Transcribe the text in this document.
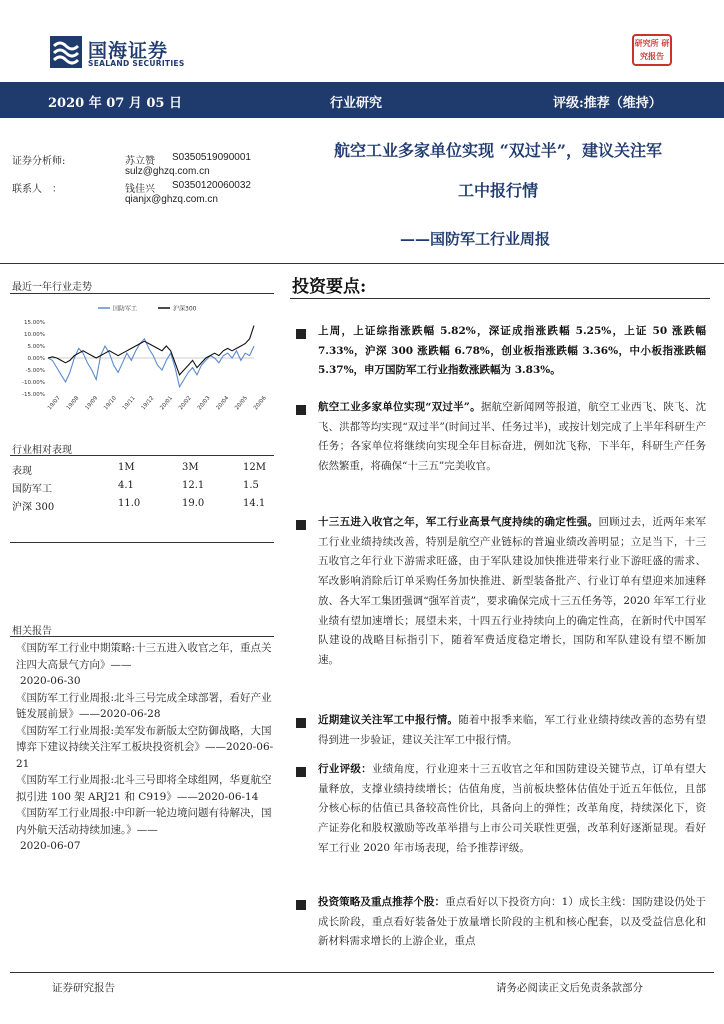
国海证券
SEALAND SECURITIES
研究所 研究报告
2020 年 07 月 05 日	行业研究	评级:推荐（维持）
证券分析师:	苏立赞 S0350519090001
sulz@ghzq.com.cn
联系人　：	钱佳兴 S0350120060032
qianjx@ghzq.com.cn
航空工业多家单位实现 “双过半”，建议关注军
工中报行情
——国防军工行业周报
最近一年行业走势
国防军工	沪深300
15.00%
10.00%
5.00%
0.00%
-5.00%
-10.00%
-15.00%
19/07 19/08 19/09 19/10 19/11 19/12 20/01 20/02 20/03 20/04 20/05 20/06
行业相对表现
表现	1M	3M	12M
国防军工	4.1	12.1	1.5
沪深 300	11.0	19.0	14.1
相关报告
《国防军工行业中期策略:十三五进入收官之年，重点关注四大高景气方向》——
2020-06-30
《国防军工行业周报:北斗三号完成全球部署，看好产业链发展前景》——2020-06-28
《国防军工行业周报:美军发布新版太空防御战略，大国博弈下建议持续关注军工板块投资机会》——2020-06-21
《国防军工行业周报:北斗三号即将全球组网，华夏航空拟引进 100 架 ARJ21 和 C919》——2020-06-14
《国防军工行业周报:中印新一轮边境问题有待解决，国内外航天活动持续加速。》——
2020-06-07
投资要点:
上周，上证综指涨跌幅 5.82%，深证成指涨跌幅 5.25%，上证 50 涨跌幅 7.33%，沪深 300 涨跌幅 6.78%，创业板指涨跌幅 3.36%，中小板指涨跌幅 5.37%，申万国防军工行业指数涨跌幅为 3.83%。
航空工业多家单位实现“双过半”。据航空新闻网等报道，航空工业西飞、陕飞、沈飞、洪都等均实现“双过半”(时间过半、任务过半)，或按计划完成了上半年科研生产任务；各家单位将继续向实现全年目标奋进，例如沈飞称，下半年，科研生产任务依然繁重，将确保“十三五”完美收官。
十三五进入收官之年，军工行业高景气度持续的确定性强。回顾过去，近两年来军工行业业绩持续改善，特别是航空产业链标的普遍业绩改善明显；立足当下，十三五收官之年行业下游需求旺盛，由于军队建设加快推进带来行业下游旺盛的需求、军改影响消除后订单采购任务加快推进、新型装备批产、行业订单有望迎来加速释放、各大军工集团强调“强军首责”，要求确保完成十三五任务等，2020 年军工行业业绩有望加速增长；展望未来，十四五行业持续向上的确定性高，在新时代中国军队建设的战略目标指引下，随着军费适度稳定增长，国防和军队建设有望不断加速。
近期建议关注军工中报行情。随着中报季来临，军工行业业绩持续改善的态势有望得到进一步验证，建议关注军工中报行情。
行业评级：业绩角度，行业迎来十三五收官之年和国防建设关键节点，订单有望大量释放，支撑业绩持续增长；估值角度，当前板块整体估值处于近五年低位，且部分核心标的估值已具备较高性价比，具备向上的弹性；改革角度，持续深化下，资产证券化和股权激励等改革举措与上市公司关联性更强，改革利好逐渐显现。看好军工行业 2020 年市场表现，给予推荐评级。
投资策略及重点推荐个股：重点看好以下投资方向：1）成长主线：国防建设仍处于成长阶段，重点看好装备处于放量增长阶段的主机和核心配套，以及受益信息化和新材料需求增长的上游企业，重点
证券研究报告	请务必阅读正文后免责条款部分
